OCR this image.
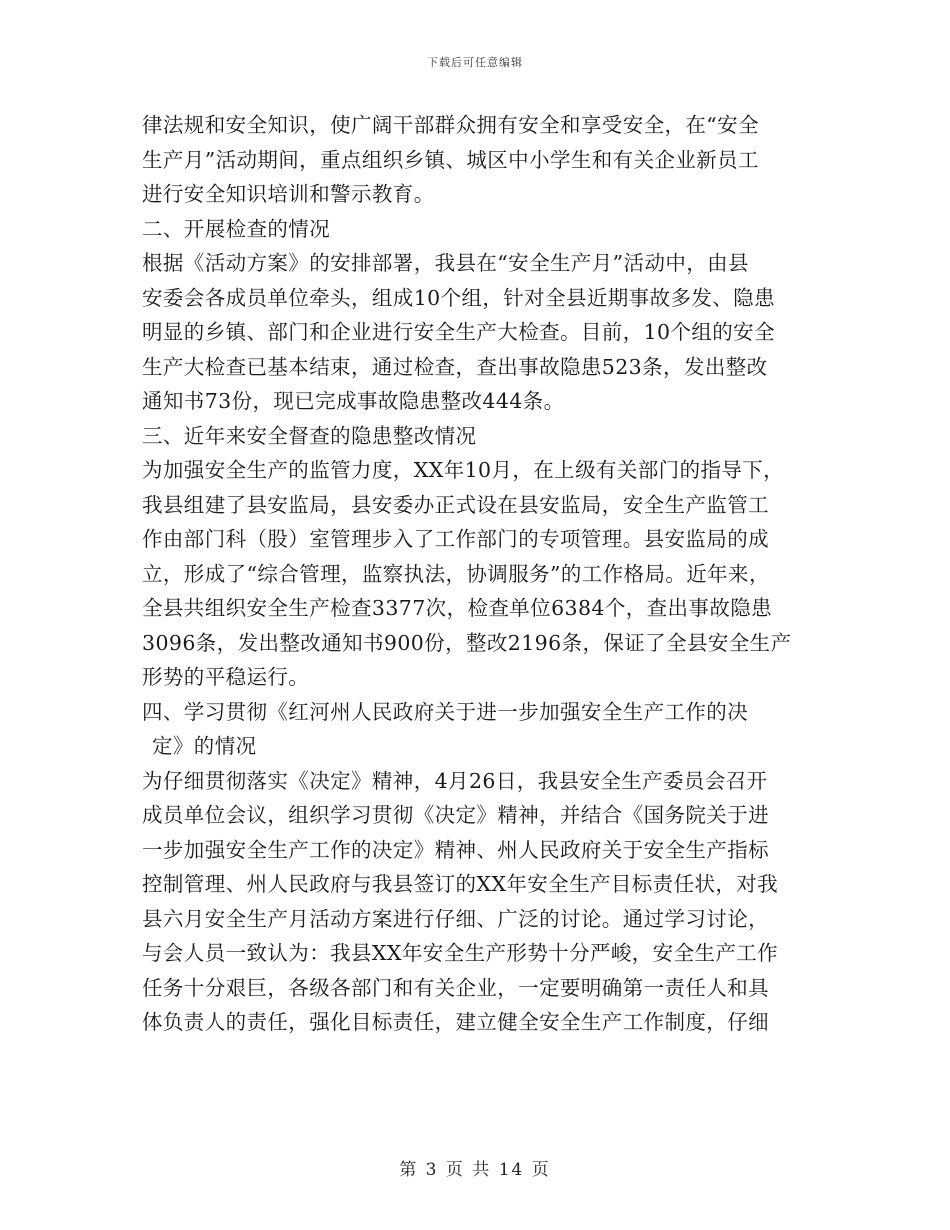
下载后可任意编辑
律法规和安全知识，使广阔干部群众拥有安全和享受安全，在“安全
生产月”活动期间，重点组织乡镇、城区中小学生和有关企业新员工
进行安全知识培训和警示教育。
二、开展检查的情况
根据《活动方案》的安排部署，我县在“安全生产月”活动中，由县
安委会各成员单位牵头，组成10个组，针对全县近期事故多发、隐患
明显的乡镇、部门和企业进行安全生产大检查。目前，10个组的安全
生产大检查已基本结束，通过检查，查出事故隐患523条，发出整改
通知书73份，现已完成事故隐患整改444条。
三、近年来安全督查的隐患整改情况
为加强安全生产的监管力度，XX年10月，在上级有关部门的指导下，
我县组建了县安监局，县安委办正式设在县安监局，安全生产监管工
作由部门科（股）室管理步入了工作部门的专项管理。县安监局的成
立，形成了“综合管理，监察执法，协调服务”的工作格局。近年来，
全县共组织安全生产检查3377次，检查单位6384个，查出事故隐患
3096条，发出整改通知书900份，整改2196条，保证了全县安全生产
形势的平稳运行。
四、学习贯彻《红河州人民政府关于进一步加强安全生产工作的决
定》的情况
为仔细贯彻落实《决定》精神，4月26日，我县安全生产委员会召开
成员单位会议，组织学习贯彻《决定》精神，并结合《国务院关于进
一步加强安全生产工作的决定》精神、州人民政府关于安全生产指标
控制管理、州人民政府与我县签订的XX年安全生产目标责任状，对我
县六月安全生产月活动方案进行仔细、广泛的讨论。通过学习讨论，
与会人员一致认为：我县XX年安全生产形势十分严峻，安全生产工作
任务十分艰巨，各级各部门和有关企业，一定要明确第一责任人和具
体负责人的责任，强化目标责任，建立健全安全生产工作制度，仔细
第 3 页 共 14 页
